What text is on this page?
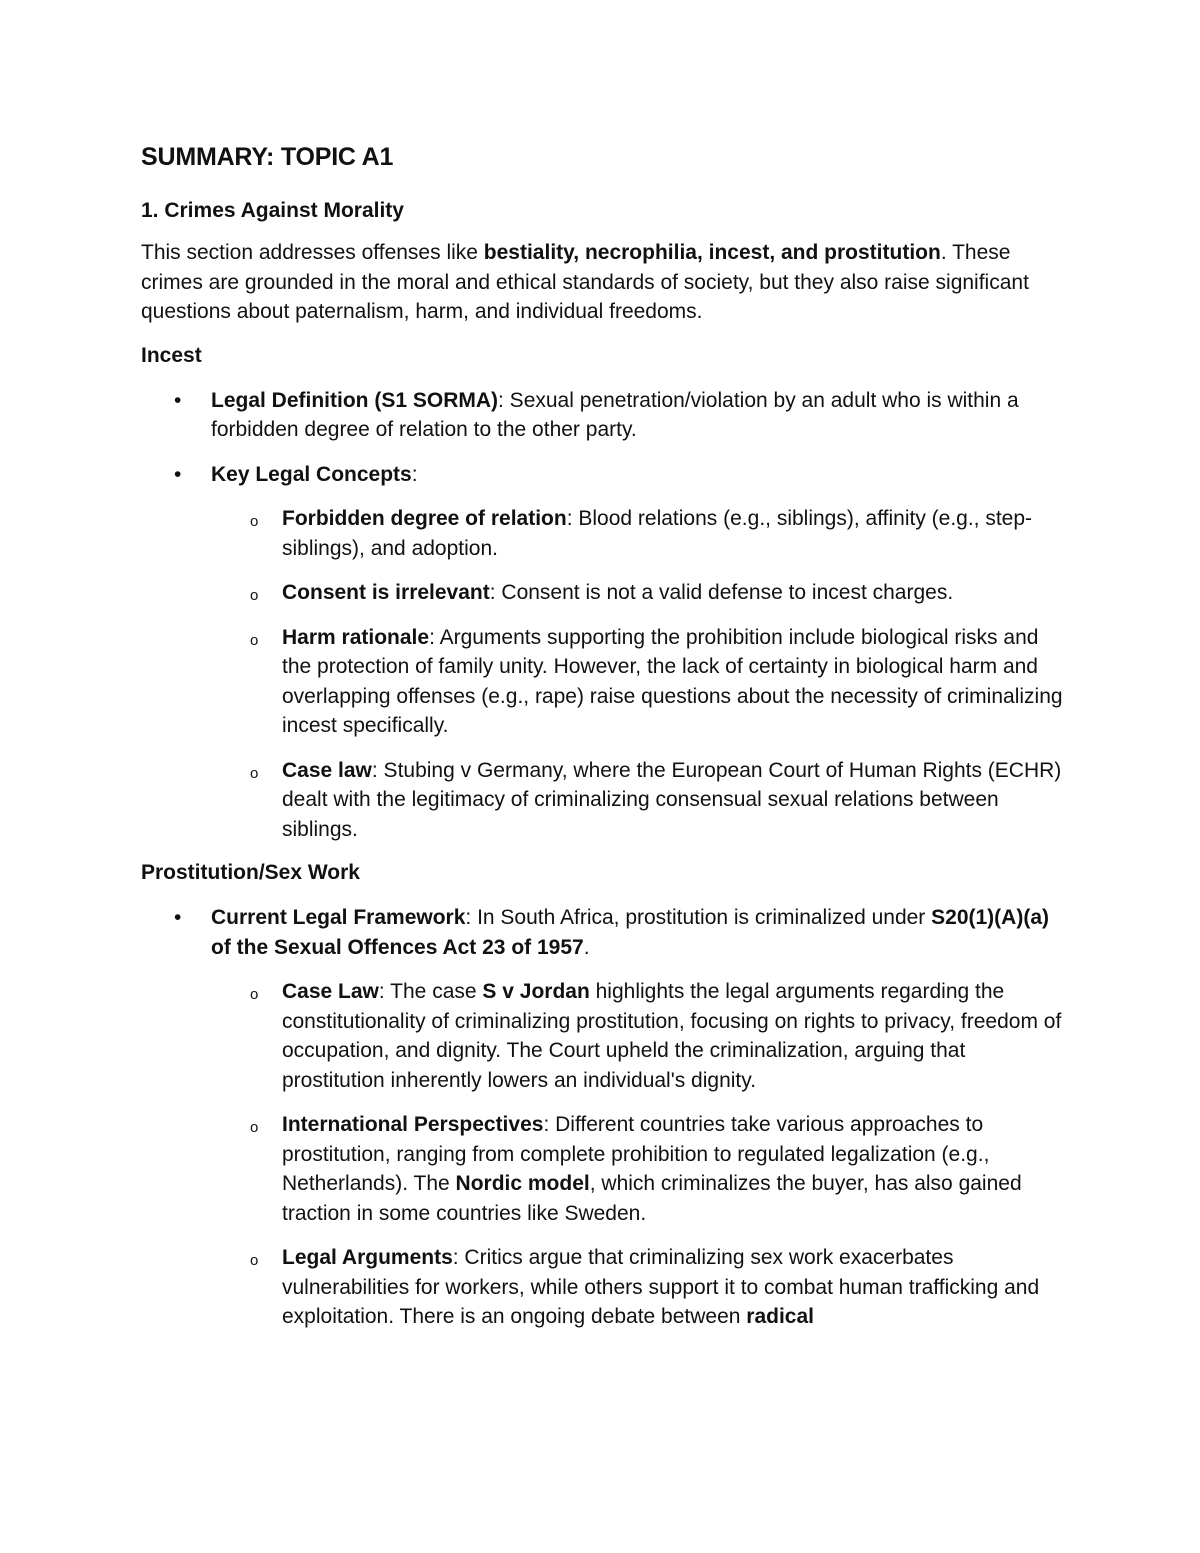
SUMMARY: TOPIC A1
1. Crimes Against Morality

This section addresses offenses like bestiality, necrophilia, incest, and prostitution. These crimes are grounded in the moral and ethical standards of society, but they also raise significant questions about paternalism, harm, and individual freedoms.

Incest
• Legal Definition (S1 SORMA): Sexual penetration/violation by an adult who is within a forbidden degree of relation to the other party.
• Key Legal Concepts:
o Forbidden degree of relation: Blood relations (e.g., siblings), affinity (e.g., step-siblings), and adoption.
o Consent is irrelevant: Consent is not a valid defense to incest charges.
o Harm rationale: Arguments supporting the prohibition include biological risks and the protection of family unity. However, the lack of certainty in biological harm and overlapping offenses (e.g., rape) raise questions about the necessity of criminalizing incest specifically.
o Case law: Stubing v Germany, where the European Court of Human Rights (ECHR) dealt with the legitimacy of criminalizing consensual sexual relations between siblings.
Prostitution/Sex Work
• Current Legal Framework: In South Africa, prostitution is criminalized under S20(1)(A)(a) of the Sexual Offences Act 23 of 1957.
o Case Law: The case S v Jordan highlights the legal arguments regarding the constitutionality of criminalizing prostitution, focusing on rights to privacy, freedom of occupation, and dignity. The Court upheld the criminalization, arguing that prostitution inherently lowers an individual's dignity.
o International Perspectives: Different countries take various approaches to prostitution, ranging from complete prohibition to regulated legalization (e.g., Netherlands). The Nordic model, which criminalizes the buyer, has also gained traction in some countries like Sweden.
o Legal Arguments: Critics argue that criminalizing sex work exacerbates vulnerabilities for workers, while others support it to combat human trafficking and exploitation. There is an ongoing debate between radical
